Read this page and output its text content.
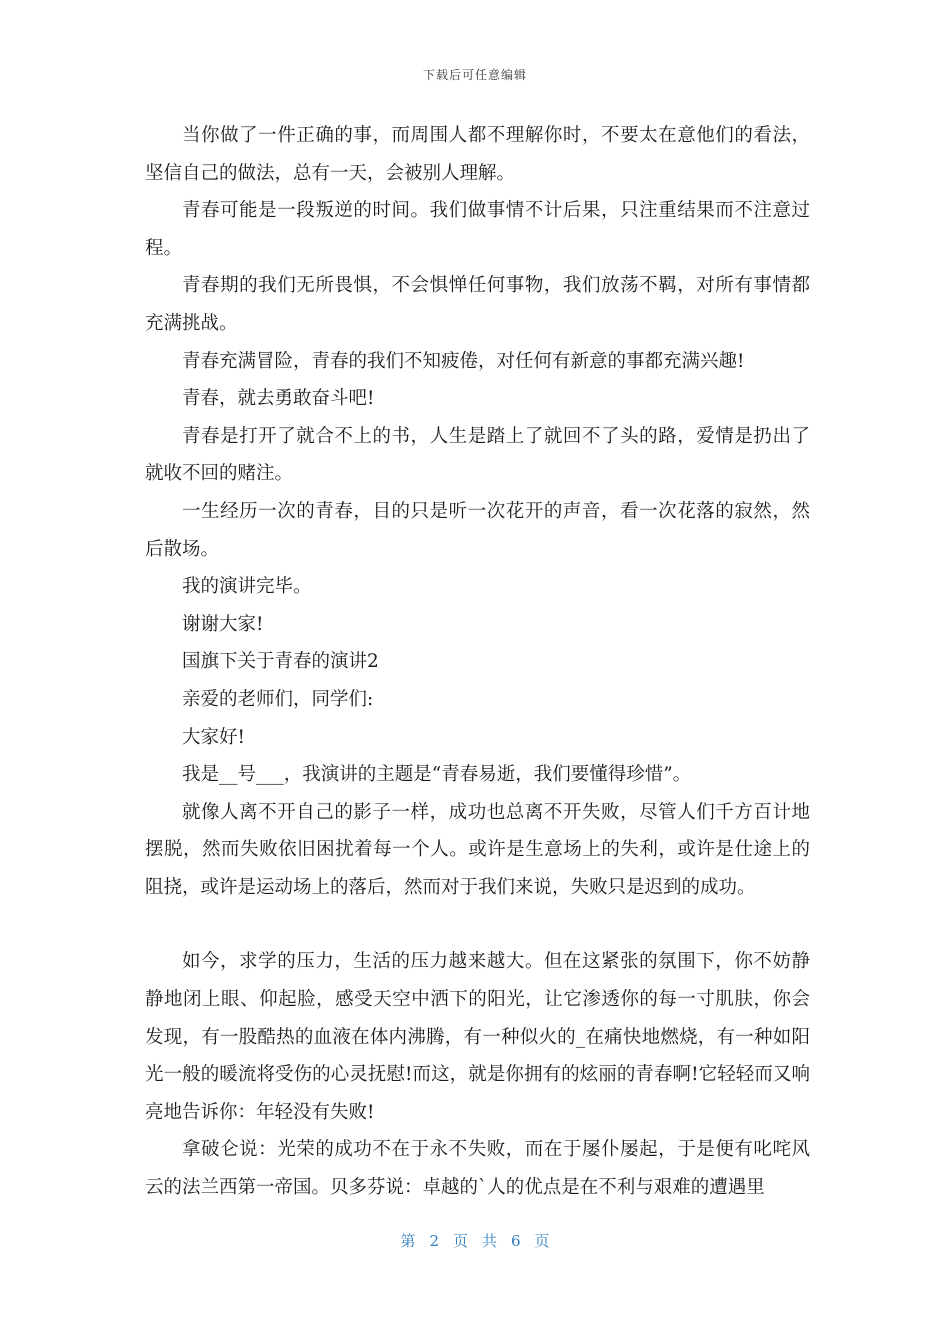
下载后可任意编辑

当你做了一件正确的事，而周围人都不理解你时，不要太在意他们的看法，坚信自己的做法，总有一天，会被别人理解。

青春可能是一段叛逆的时间。我们做事情不计后果，只注重结果而不注意过程。

青春期的我们无所畏惧，不会惧惮任何事物，我们放荡不羁，对所有事情都充满挑战。

青春充满冒险，青春的我们不知疲倦，对任何有新意的事都充满兴趣!

青春，就去勇敢奋斗吧!

青春是打开了就合不上的书，人生是踏上了就回不了头的路，爱情是扔出了就收不回的赌注。

一生经历一次的青春，目的只是听一次花开的声音，看一次花落的寂然，然后散场。

我的演讲完毕。

谢谢大家!

国旗下关于青春的演讲2

亲爱的老师们，同学们:

大家好!

我是__号___，我演讲的主题是“青春易逝，我们要懂得珍惜”。

就像人离不开自己的影子一样，成功也总离不开失败，尽管人们千方百计地摆脱，然而失败依旧困扰着每一个人。或许是生意场上的失利，或许是仕途上的阻挠，或许是运动场上的落后，然而对于我们来说，失败只是迟到的成功。

如今，求学的压力，生活的压力越来越大。但在这紧张的氛围下，你不妨静静地闭上眼、仰起脸，感受天空中洒下的阳光，让它渗透你的每一寸肌肤，你会发现，有一股酷热的血液在体内沸腾，有一种似火的_在痛快地燃烧，有一种如阳光一般的暖流将受伤的心灵抚慰!而这，就是你拥有的炫丽的青春啊!它轻轻而又响亮地告诉你：年轻没有失败!

拿破仑说：光荣的成功不在于永不失败，而在于屡仆屡起，于是便有叱咤风云的法兰西第一帝国。贝多芬说：卓越的`人的优点是在不利与艰难的遭遇里

第 2 页共6 页
